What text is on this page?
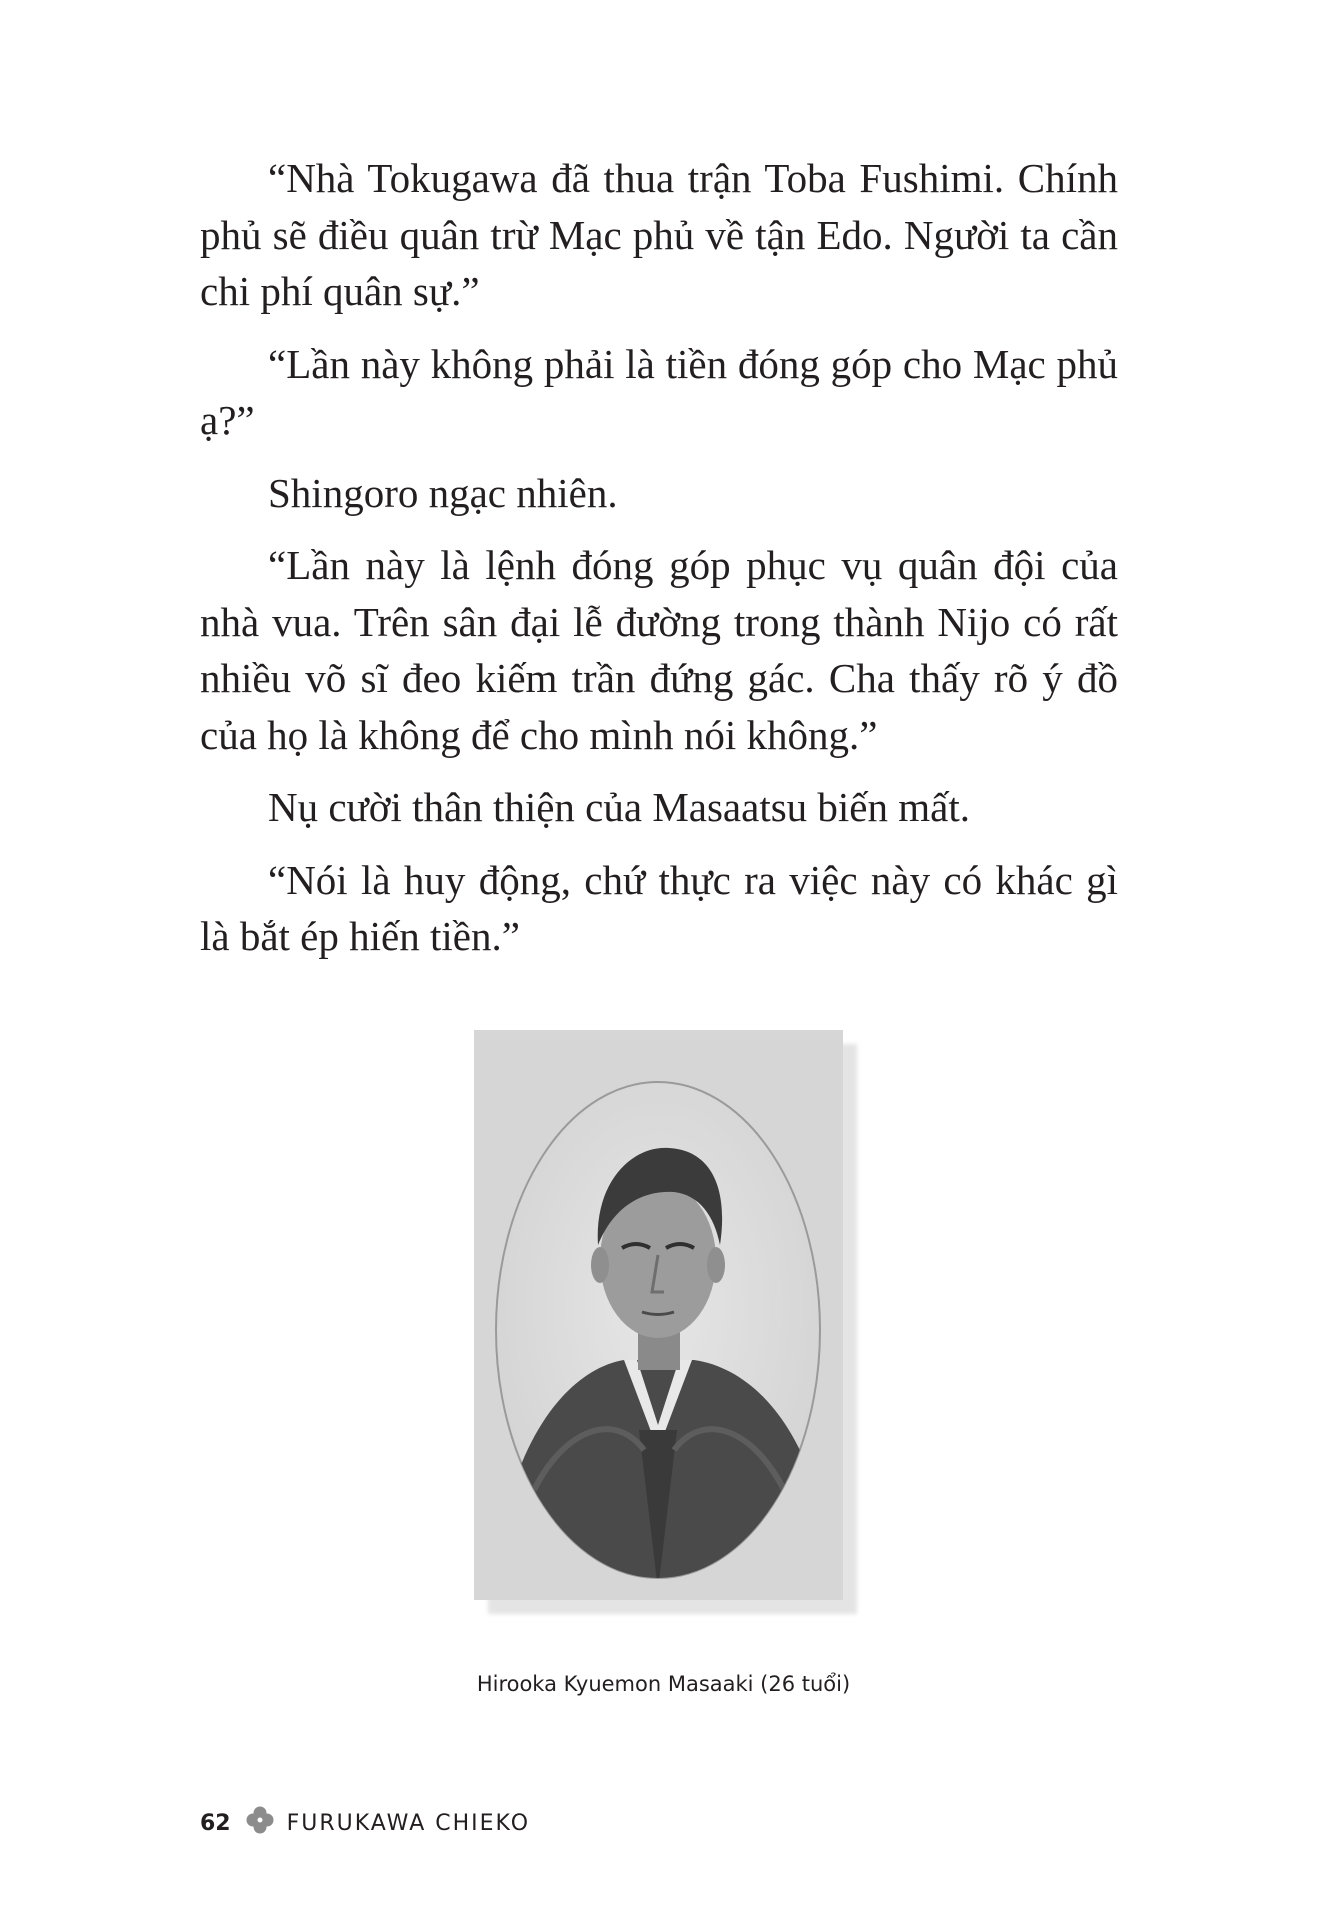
“Nhà Tokugawa đã thua trận Toba Fushimi. Chính phủ sẽ điều quân trừ Mạc phủ về tận Edo. Người ta cần chi phí quân sự.”

“Lần này không phải là tiền đóng góp cho Mạc phủ ạ?”

Shingoro ngạc nhiên.

“Lần này là lệnh đóng góp phục vụ quân đội của nhà vua. Trên sân đại lễ đường trong thành Nijo có rất nhiều võ sĩ đeo kiếm trần đứng gác. Cha thấy rõ ý đồ của họ là không để cho mình nói không.”

Nụ cười thân thiện của Masaatsu biến mất.

“Nói là huy động, chứ thực ra việc này có khác gì là bắt ép hiến tiền.”

Hirooka Kyuemon Masaaki (26 tuổi)
62	FURUKAWA CHIEKO
